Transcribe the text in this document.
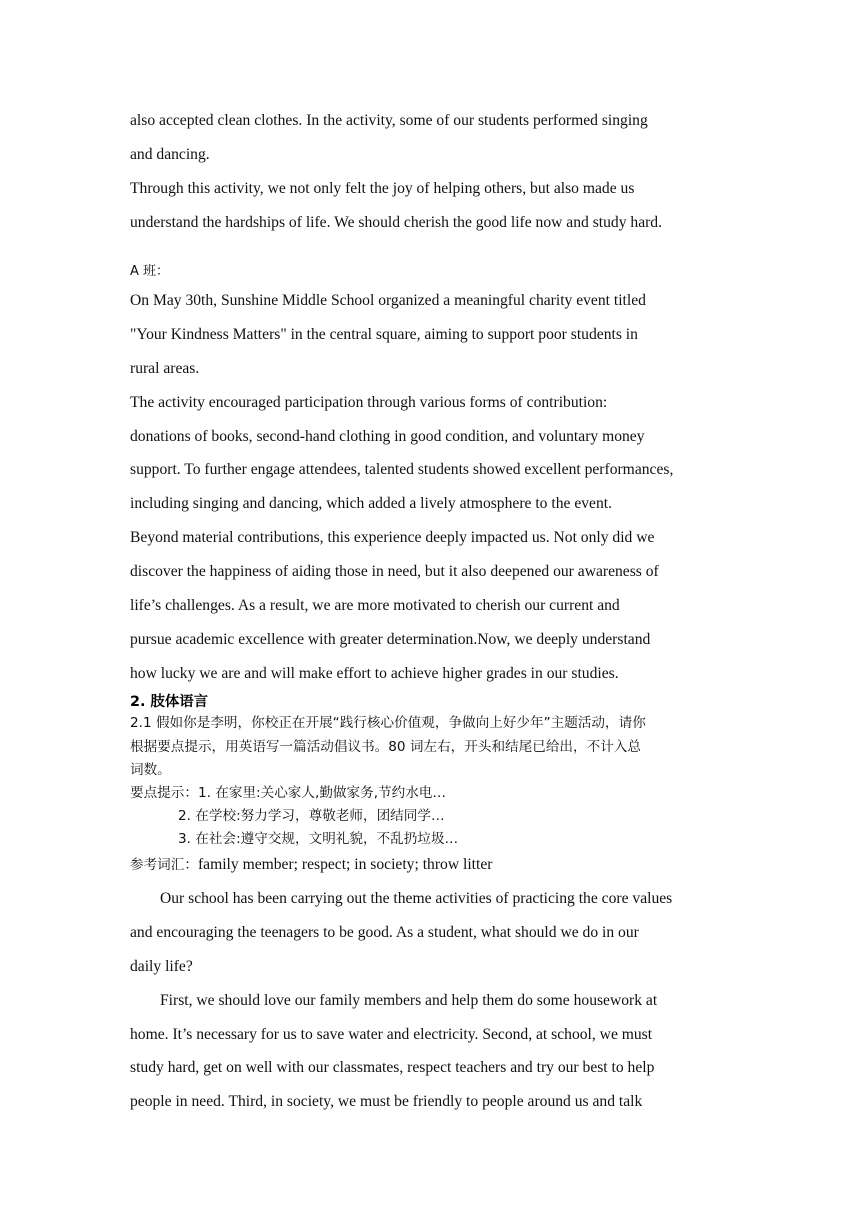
also accepted clean clothes. In the activity, some of our students performed singing

and dancing.

Through this activity, we not only felt the joy of helping others, but also made us

understand the hardships of life. We should cherish the good life now and study hard.

A 班：

On May 30th, Sunshine Middle School organized a meaningful charity event titled

"Your Kindness Matters" in the central square, aiming to support poor students in

rural areas.

The activity encouraged participation through various forms of contribution:

donations of books, second-hand clothing in good condition, and voluntary money

support. To further engage attendees, talented students showed excellent performances,

including singing and dancing, which added a lively atmosphere to the event.

Beyond material contributions, this experience deeply impacted us. Not only did we

discover the happiness of aiding those in need, but it also deepened our awareness of

life’s challenges. As a result, we are more motivated to cherish our current and

pursue academic excellence with greater determination.Now, we deeply understand

how lucky we are and will make effort to achieve higher grades in our studies.

2. 肢体语言

2.1 假如你是李明，你校正在开展“践行核心价值观，争做向上好少年”主题活动，请你

根据要点提示，用英语写一篇活动倡议书。80 词左右，开头和结尾已给出，不计入总

词数。

要点提示：1. 在家里:关心家人,勤做家务,节约水电…

2. 在学校:努力学习，尊敬老师，团结同学…

3. 在社会:遵守交规，文明礼貌，不乱扔垃圾…

参考词汇：family member; respect; in society; throw litter

Our school has been carrying out the theme activities of practicing the core values

and encouraging the teenagers to be good. As a student, what should we do in our

daily life?

First, we should love our family members and help them do some housework at

home. It’s necessary for us to save water and electricity. Second, at school, we must

study hard, get on well with our classmates, respect teachers and try our best to help

people in need. Third, in society, we must be friendly to people around us and talk
